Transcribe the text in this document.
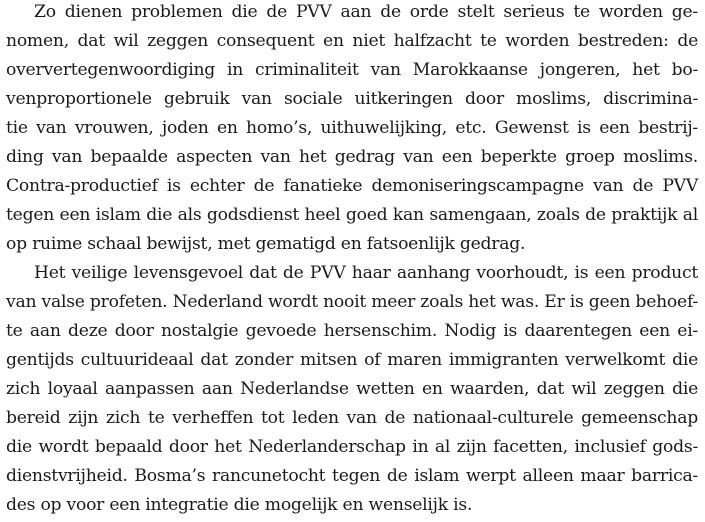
Zo dienen problemen die de PVV aan de orde stelt serieus te worden ge-
nomen, dat wil zeggen consequent en niet halfzacht te worden bestreden: de
oververtegenwoordiging in criminaliteit van Marokkaanse jongeren, het bo-
venproportionele gebruik van sociale uitkeringen door moslims, discrimina-
tie van vrouwen, joden en homo’s, uithuwelijking, etc. Gewenst is een bestrij-
ding van bepaalde aspecten van het gedrag van een beperkte groep moslims.
Contra-productief is echter de fanatieke demoniseringscampagne van de PVV
tegen een islam die als godsdienst heel goed kan samengaan, zoals de praktijk al
op ruime schaal bewijst, met gematigd en fatsoenlijk gedrag.
Het veilige levensgevoel dat de PVV haar aanhang voorhoudt, is een product
van valse profeten. Nederland wordt nooit meer zoals het was. Er is geen behoef-
te aan deze door nostalgie gevoede hersenschim. Nodig is daarentegen een ei-
gentijds cultuurideaal dat zonder mitsen of maren immigranten verwelkomt die
zich loyaal aanpassen aan Nederlandse wetten en waarden, dat wil zeggen die
bereid zijn zich te verheffen tot leden van de nationaal-culturele gemeenschap
die wordt bepaald door het Nederlanderschap in al zijn facetten, inclusief gods-
dienstvrijheid. Bosma’s rancunetocht tegen de islam werpt alleen maar barrica-
des op voor een integratie die mogelijk en wenselijk is.
